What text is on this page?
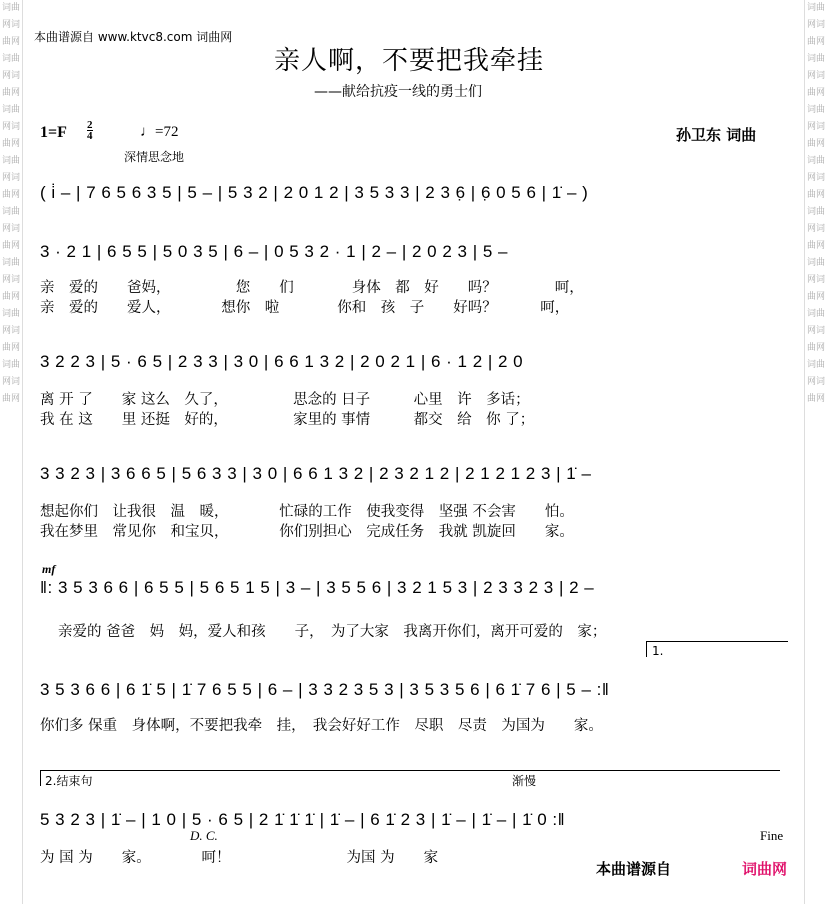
词曲网词曲网词曲网词曲网词曲网词曲网词曲网词曲网词曲网词曲网词曲网词曲网词曲网词曲网词曲网词曲网
词曲网词曲网词曲网词曲网词曲网词曲网词曲网词曲网词曲网词曲网词曲网词曲网词曲网词曲网词曲网词曲网
本曲谱源自 www.ktvc8.com 词曲网
亲人啊，不要把我牵挂
——献给抗疫一线的勇士们
1=F 2
4	♩=72
深情思念地
孙卫东 词曲
( i̇ – | 7 6 5 6 3 5 | 5 – | 5 3 2 | 2 0 1 2 | 3 5 3 3 | 2 3 6̣ | 6̣ 0 5 6 | 1̇ – )
3 · 2 1 | 6 5 5 | 5 0 3 5 | 6 – | 0 5 3 2 · 1 | 2 – | 2 0 2 3 | 5 –
亲　爱的　　爸妈，　　　　　您　　们　　　　身体　都　好　　吗？　　　　呵，
亲　爱的　　爱人，　　　　想你　啦　　　　你和　孩　子　　好吗？　　　呵，
3 2 2 3 | 5 · 6 5 | 2 3 3 | 3 0 | 6 6 1 3 2 | 2 0 2 1 | 6 · 1 2 | 2 0
离 开 了　　家 这么　久了，　　　　　思念的 日子　　　心里　许　多话；
我 在 这　　里 还挺　好的，　　　　　家里的 事情　　　都交　给　你 了；
3 3 2 3 | 3 6 6 5 | 5 6 3 3 | 3 0 | 6 6 1 3 2 | 2 3 2 1 2 | 2 1 2 1 2 3 | 1̇ –
想起你们　让我很　温　暖，　　　　忙碌的工作　使我变得　坚强 不会害　　怕。
我在梦里　常见你　和宝贝，　　　　你们别担心　完成任务　我就 凯旋回　　家。
mf
‖: 3 5 3 6 6 | 6 5 5 | 5 6 5 1 5 | 3 – | 3 5 5 6 | 3 2 1 5 3 | 2 3 3 2 3 | 2 –
亲爱的 爸爸　妈　妈，爱人和孩　　子，　为了大家　我离开你们，离开可爱的　家；
1.
3 5 3 6 6 | 6 1̇ 5 | 1̇ 7 6 5 5 | 6 – | 3 3 2 3 5 3 | 3 5 3 5 6 | 6 1̇ 7 6 | 5 – :‖
你们多 保重　身体啊，不要把我牵　挂，　我会好好工作　尽职　尽责　为国为　　家。
2.结束句	渐慢
5 3 2 3 | 1̇ – | 1 0 | 5 · 6 5 | 2 1̇ 1̇ 1̇ | 1̇ – | 6 1̇ 2 3 | 1̇ – | 1̇ – | 1̇ 0 :‖
D. C.	Fine
为 国 为　　家。　　　　呵！　　　　　　　　为国 为　　家
本曲谱源自	词曲网
